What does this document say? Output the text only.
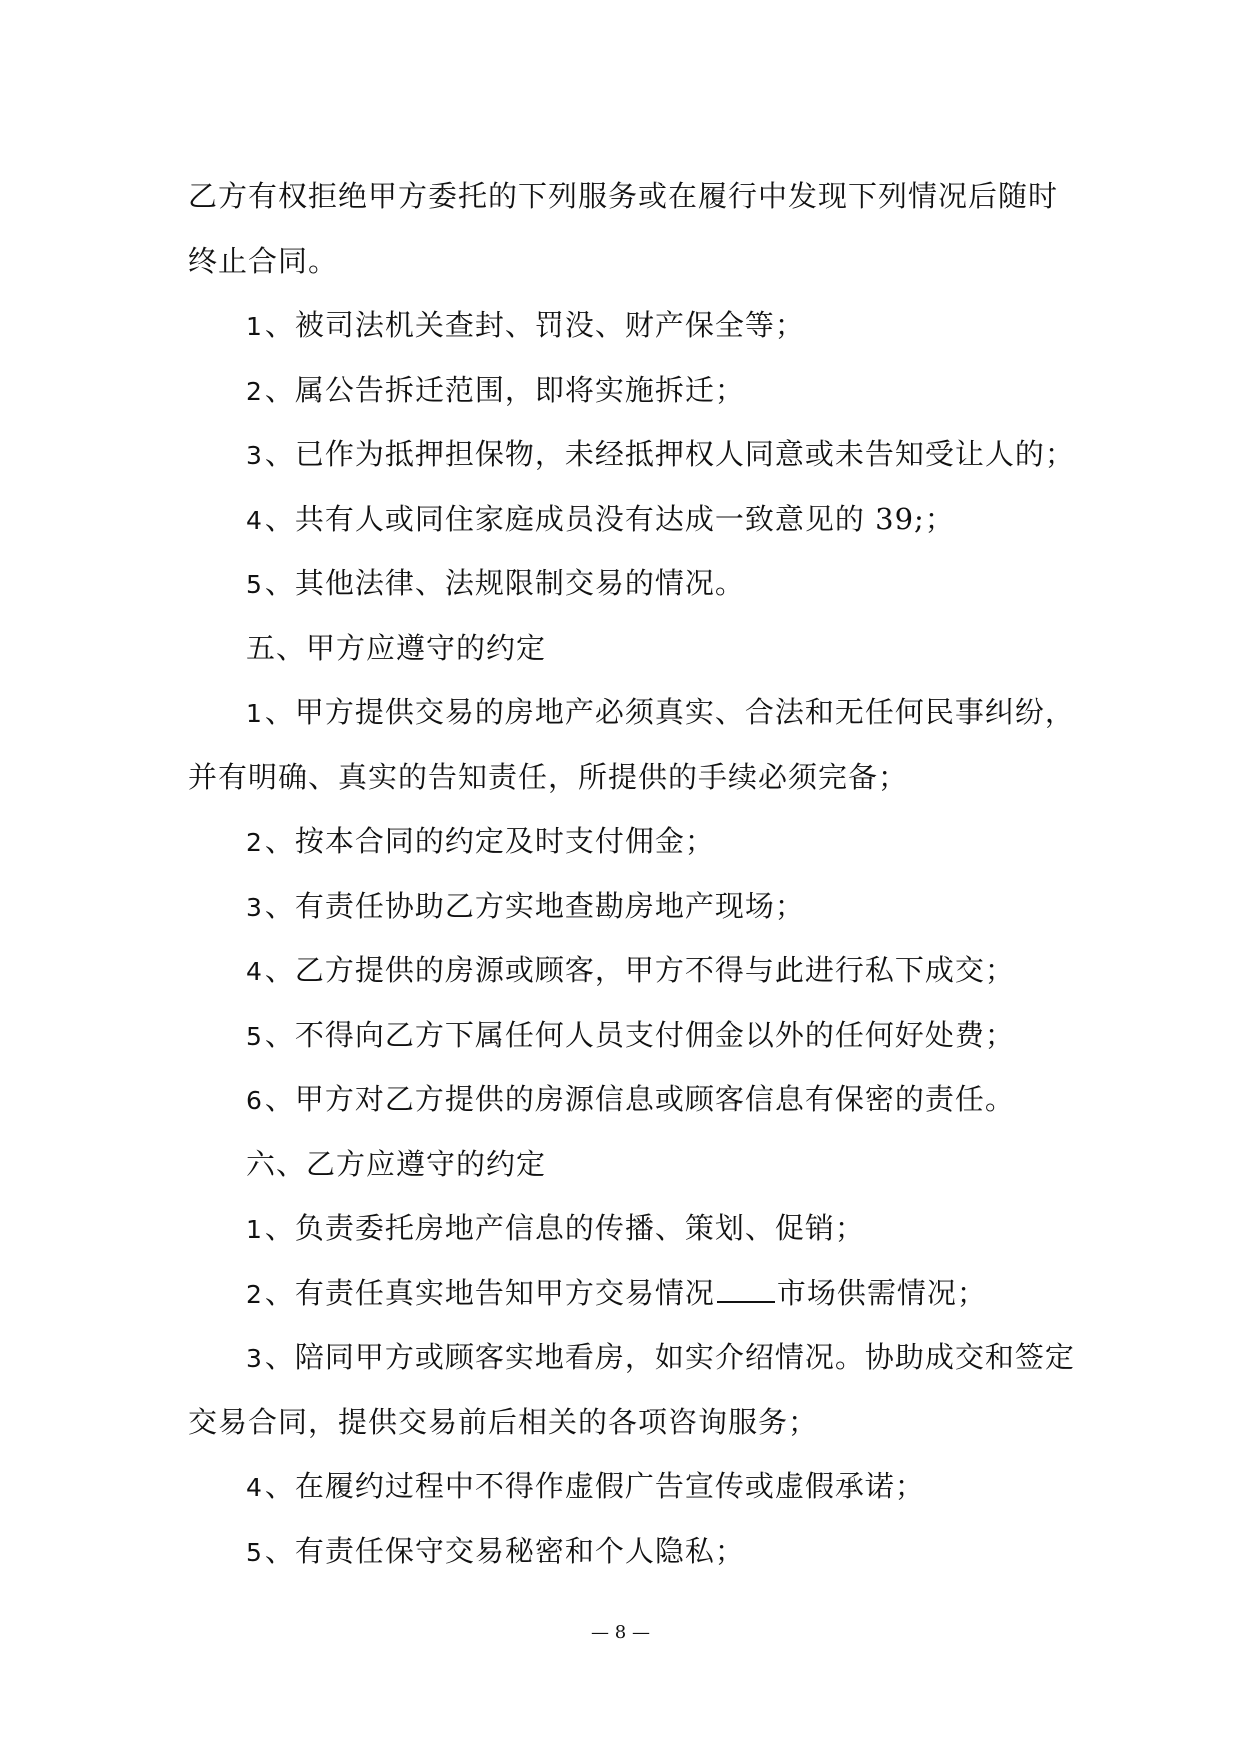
乙方有权拒绝甲方委托的下列服务或在履行中发现下列情况后随时
终止合同。
1、被司法机关查封、罚没、财产保全等；
2、属公告拆迁范围，即将实施拆迁；
3、已作为抵押担保物，未经抵押权人同意或未告知受让人的；
4、共有人或同住家庭成员没有达成一致意见的 39;；
5、其他法律、法规限制交易的情况。
五、甲方应遵守的约定
1、甲方提供交易的房地产必须真实、合法和无任何民事纠纷，
并有明确、真实的告知责任，所提供的手续必须完备；
2、按本合同的约定及时支付佣金；
3、有责任协助乙方实地查勘房地产现场；
4、乙方提供的房源或顾客，甲方不得与此进行私下成交；
5、不得向乙方下属任何人员支付佣金以外的任何好处费；
6、甲方对乙方提供的房源信息或顾客信息有保密的责任。
六、乙方应遵守的约定
1、负责委托房地产信息的传播、策划、促销；
2、有责任真实地告知甲方交易情况 市场供需情况；
3、陪同甲方或顾客实地看房，如实介绍情况。协助成交和签定
交易合同，提供交易前后相关的各项咨询服务；
4、在履约过程中不得作虚假广告宣传或虚假承诺；
5、有责任保守交易秘密和个人隐私；
— 8 —
